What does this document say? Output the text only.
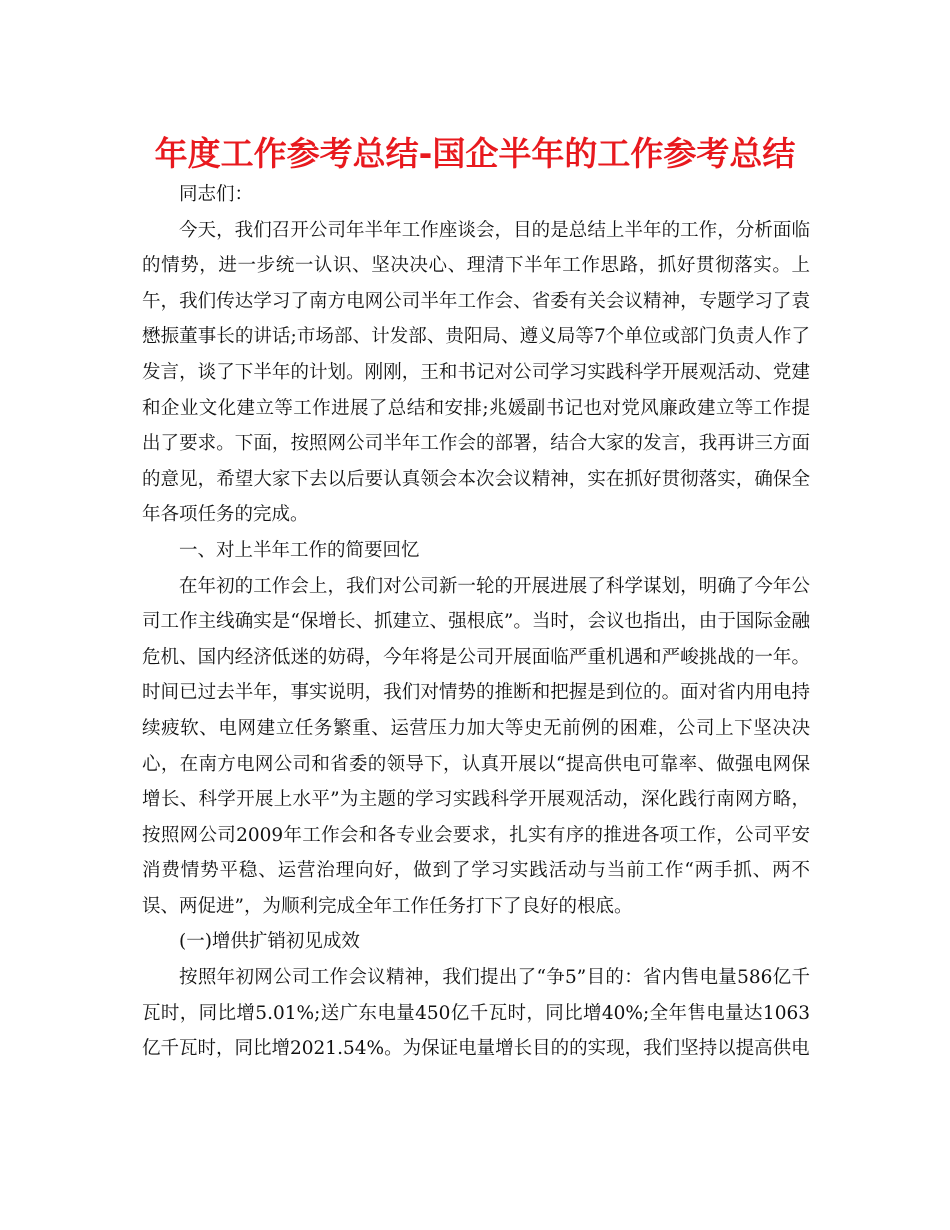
年度工作参考总结-国企半年的工作参考总结

同志们：

今天，我们召开公司年半年工作座谈会，目的是总结上半年的工作，分析面临的情势，进一步统一认识、坚决决心、理清下半年工作思路，抓好贯彻落实。上午，我们传达学习了南方电网公司半年工作会、省委有关会议精神，专题学习了袁懋振董事长的讲话;市场部、计发部、贵阳局、遵义局等7个单位或部门负责人作了发言，谈了下半年的计划。刚刚，王和书记对公司学习实践科学开展观活动、党建和企业文化建立等工作进展了总结和安排;兆媛副书记也对党风廉政建立等工作提出了要求。下面，按照网公司半年工作会的部署，结合大家的发言，我再讲三方面的意见，希望大家下去以后要认真领会本次会议精神，实在抓好贯彻落实，确保全年各项任务的完成。

一、对上半年工作的简要回忆

在年初的工作会上，我们对公司新一轮的开展进展了科学谋划，明确了今年公司工作主线确实是“保增长、抓建立、强根底”。当时，会议也指出，由于国际金融危机、国内经济低迷的妨碍，今年将是公司开展面临严重机遇和严峻挑战的一年。时间已过去半年，事实说明，我们对情势的推断和把握是到位的。面对省内用电持续疲软、电网建立任务繁重、运营压力加大等史无前例的困难，公司上下坚决决心，在南方电网公司和省委的领导下，认真开展以“提高供电可靠率、做强电网保增长、科学开展上水平”为主题的学习实践科学开展观活动，深化践行南网方略，按照网公司2009年工作会和各专业会要求，扎实有序的推进各项工作，公司平安消费情势平稳、运营治理向好，做到了学习实践活动与当前工作“两手抓、两不误、两促进”，为顺利完成全年工作任务打下了良好的根底。

(一)增供扩销初见成效

按照年初网公司工作会议精神，我们提出了“争5”目的：省内售电量586亿千瓦时，同比增5.01%;送广东电量450亿千瓦时，同比增40%;全年售电量达1063亿千瓦时，同比增2021.54%。为保证电量增长目的的实现，我们坚持以提高供电
